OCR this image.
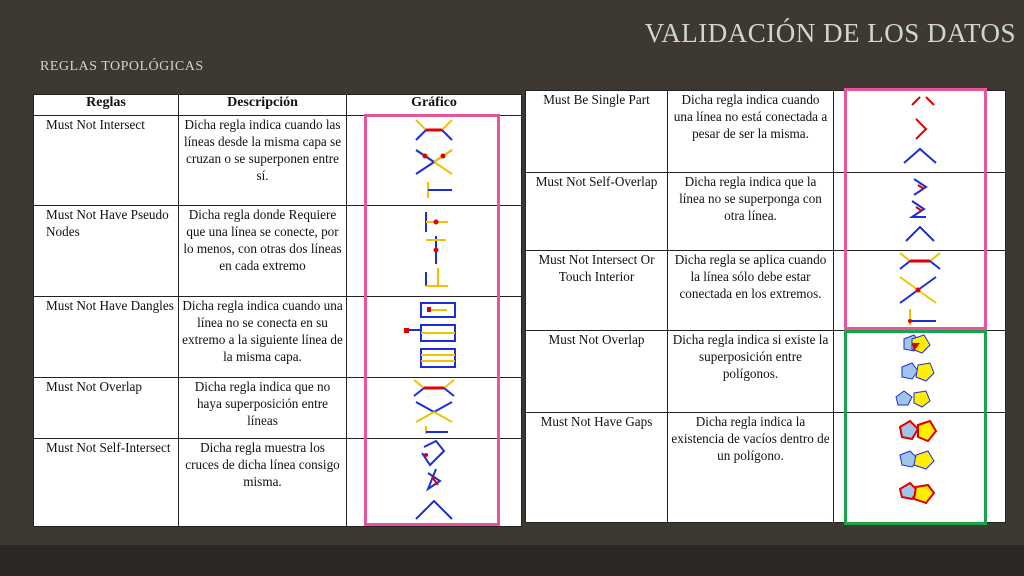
VALIDACIÓN DE LOS DATOS
REGLAS TOPOLÓGICAS
Reglas	Descripción	Gráfico
Must Not Intersect	Dicha regla indica cuando las líneas desde la misma capa se cruzan o se superponen entre sí.	

Must Not Have Pseudo Nodes	Dicha regla donde Requiere que una línea se conecte, por lo menos, con otras dos líneas en cada extremo	

Must Not Have Dangles	Dicha regla indica cuando una línea no se conecta en su extremo a la siguiente línea de la misma capa.	

Must Not Overlap	Dicha regla indica que no haya superposición entre líneas	

Must Not Self-Intersect	Dicha regla muestra los cruces de dicha línea consigo misma.	
Must Be Single Part	Dicha regla indica cuando una línea no está conectada a pesar de ser la misma.	

Must Not Self-Overlap	Dicha regla indica que la línea no se superponga con otra línea.	

Must Not Intersect Or Touch Interior	Dicha regla se aplica cuando la línea sólo debe estar conectada en los extremos.	

Must Not Overlap	Dicha regla indica si existe la superposición entre polígonos.	

Must Not Have Gaps	Dicha regla indica la existencia de vacíos dentro de un polígono.	
